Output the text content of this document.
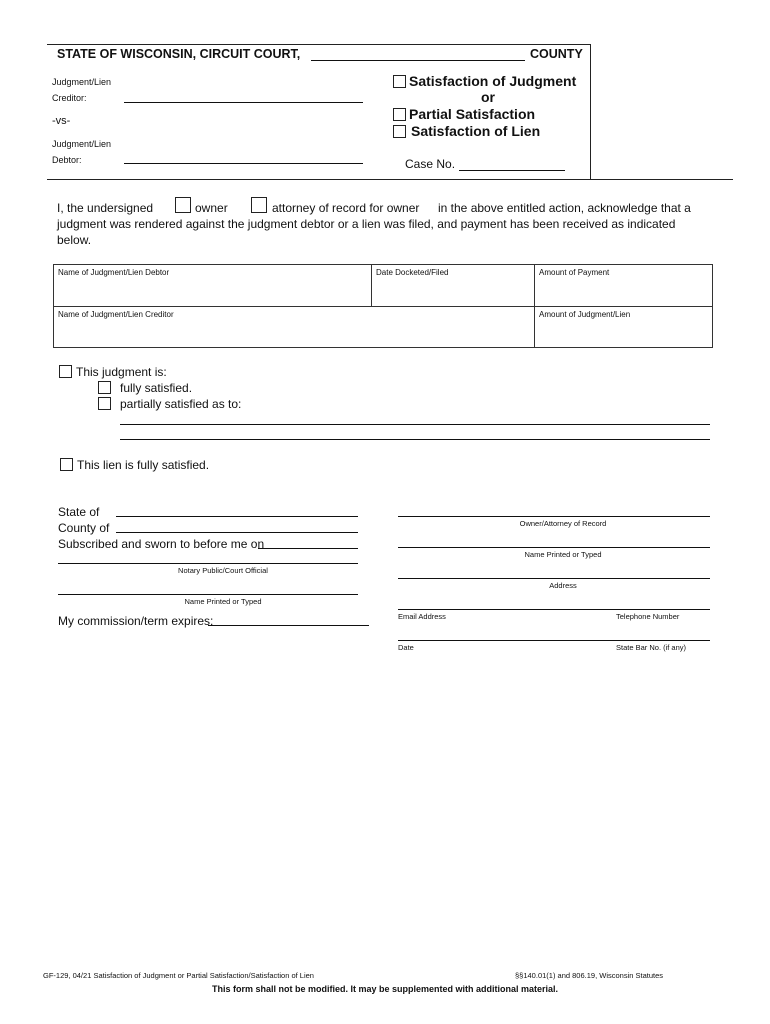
STATE OF WISCONSIN, CIRCUIT COURT,	COUNTY
Judgment/Lien
Creditor:
-vs-
Judgment/Lien
Debtor:
Satisfaction of Judgment
or
Partial Satisfaction
Satisfaction of Lien
Case No.
I, the undersigned	owner	attorney of record for owner in the above entitled action, acknowledge that a
judgment was rendered against the judgment debtor or a lien was filed, and payment has been received as indicated
below.
Name of Judgment/Lien Debtor	Date Docketed/Filed	Amount of Payment
Name of Judgment/Lien Creditor	Amount of Judgment/Lien
This judgment is:
fully satisfied.
partially satisfied as to:
This lien is fully satisfied.
State of
County of
Subscribed and sworn to before me on
Notary Public/Court Official
Name Printed or Typed
My commission/term expires:
Owner/Attorney of Record
Name Printed or Typed
Address
Email Address	Telephone Number
Date	State Bar No. (if any)
GF-129, 04/21 Satisfaction of Judgment or Partial Satisfaction/Satisfaction of Lien	§§140.01(1) and 806.19, Wisconsin Statutes
This form shall not be modified. It may be supplemented with additional material.
